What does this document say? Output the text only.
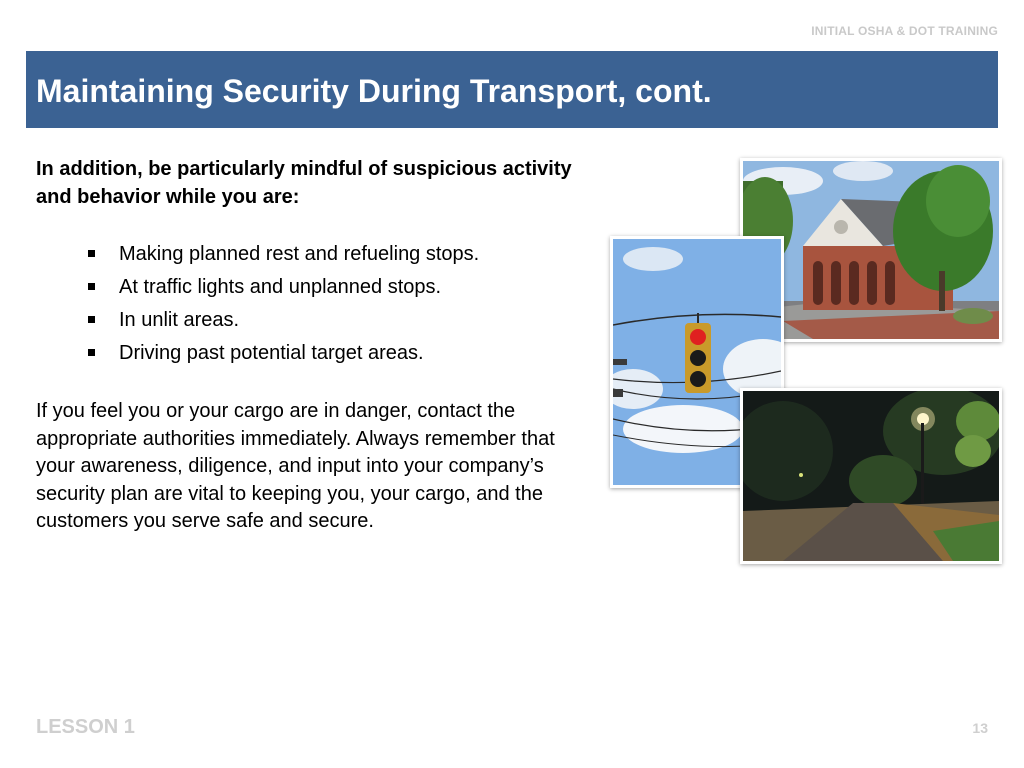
INITIAL OSHA & DOT TRAINING
Maintaining Security During Transport, cont.
In addition, be particularly mindful of suspicious activity and behavior while you are:
Making planned rest and refueling stops.
At traffic lights and unplanned stops.
In unlit areas.
Driving past potential target areas.
If you feel you or your cargo are in danger, contact the appropriate authorities immediately. Always remember that your awareness, diligence, and input into your company’s security plan are vital to keeping you, your cargo, and the customers you serve safe and secure.
LESSON 1	13
